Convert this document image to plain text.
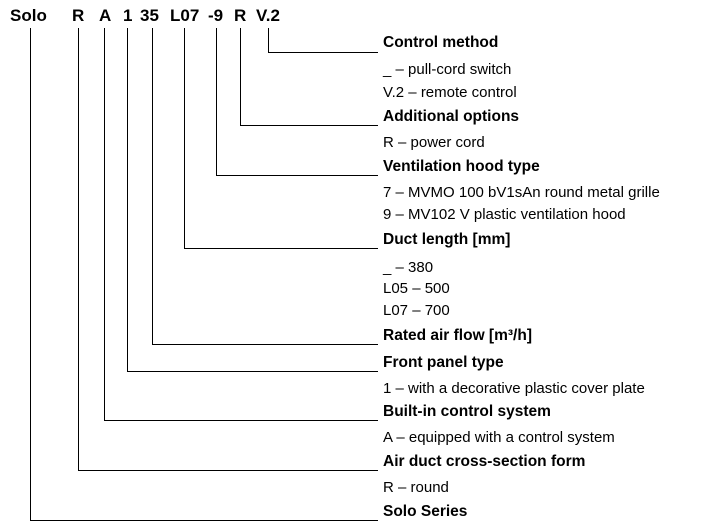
Solo R A 1 35 L07 -9 R V.2
Control method
_ – pull-cord switch
V.2 – remote control
Additional options
R – power cord
Ventilation hood type
7 – MVMO 100 bV1sAn round metal grille
9 – MV102 V plastic ventilation hood
Duct length [mm]
_ – 380
L05 – 500
L07 – 700
Rated air flow [m³/h]
Front panel type
1 – with a decorative plastic cover plate
Built-in control system
A – equipped with a control system
Air duct cross-section form
R – round
Solo Series
